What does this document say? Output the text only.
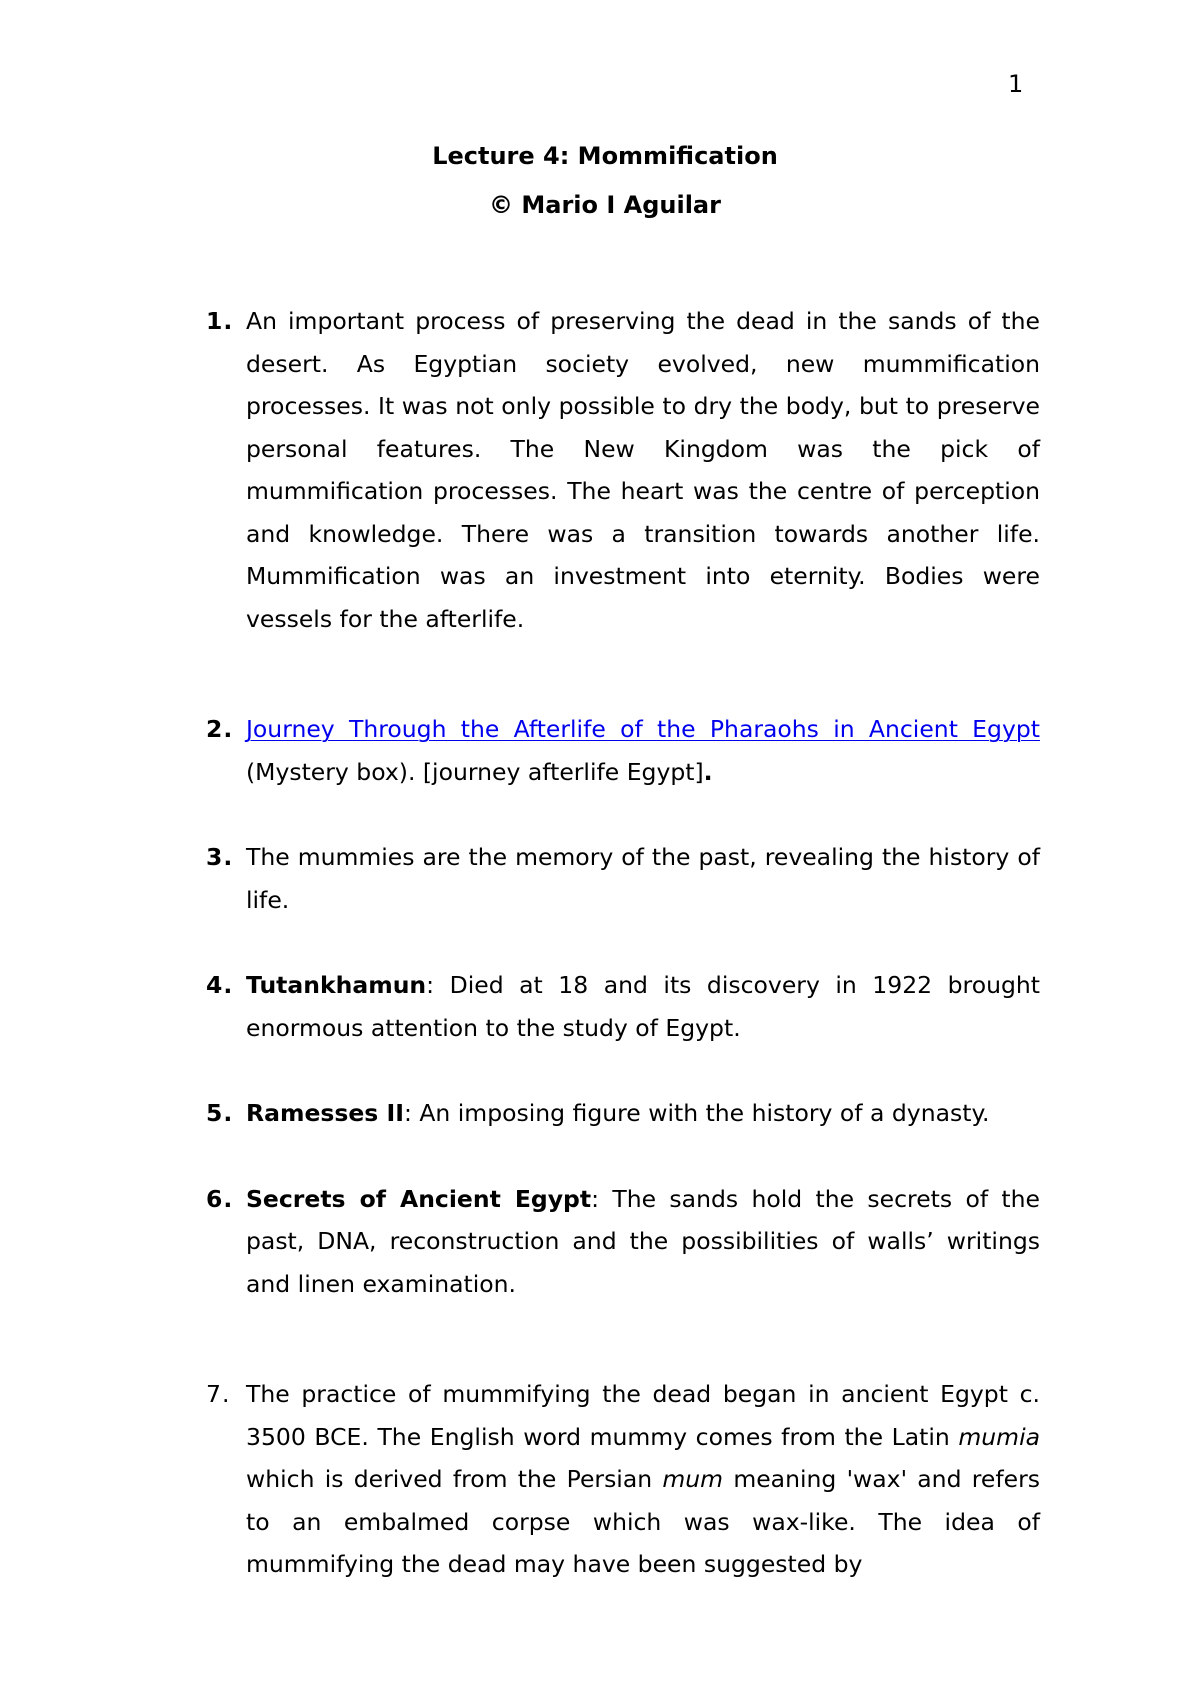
1
Lecture 4: Mommification
© Mario I Aguilar
1. An important process of preserving the dead in the sands of the desert. As Egyptian society evolved, new mummification processes. It was not only possible to dry the body, but to preserve personal features. The New Kingdom was the pick of mummification processes. The heart was the centre of perception and knowledge. There was a transition towards another life. Mummification was an investment into eternity. Bodies were vessels for the afterlife.
2. Journey Through the Afterlife of the Pharaohs in Ancient Egypt (Mystery box). [journey afterlife Egypt].
3. The mummies are the memory of the past, revealing the history of life.
4. Tutankhamun: Died at 18 and its discovery in 1922 brought enormous attention to the study of Egypt.
5. Ramesses II: An imposing figure with the history of a dynasty.
6. Secrets of Ancient Egypt: The sands hold the secrets of the past, DNA, reconstruction and the possibilities of walls’ writings and linen examination.
7. The practice of mummifying the dead began in ancient Egypt c. 3500 BCE. The English word mummy comes from the Latin mumia which is derived from the Persian mum meaning 'wax' and refers to an embalmed corpse which was wax-like. The idea of mummifying the dead may have been suggested by
